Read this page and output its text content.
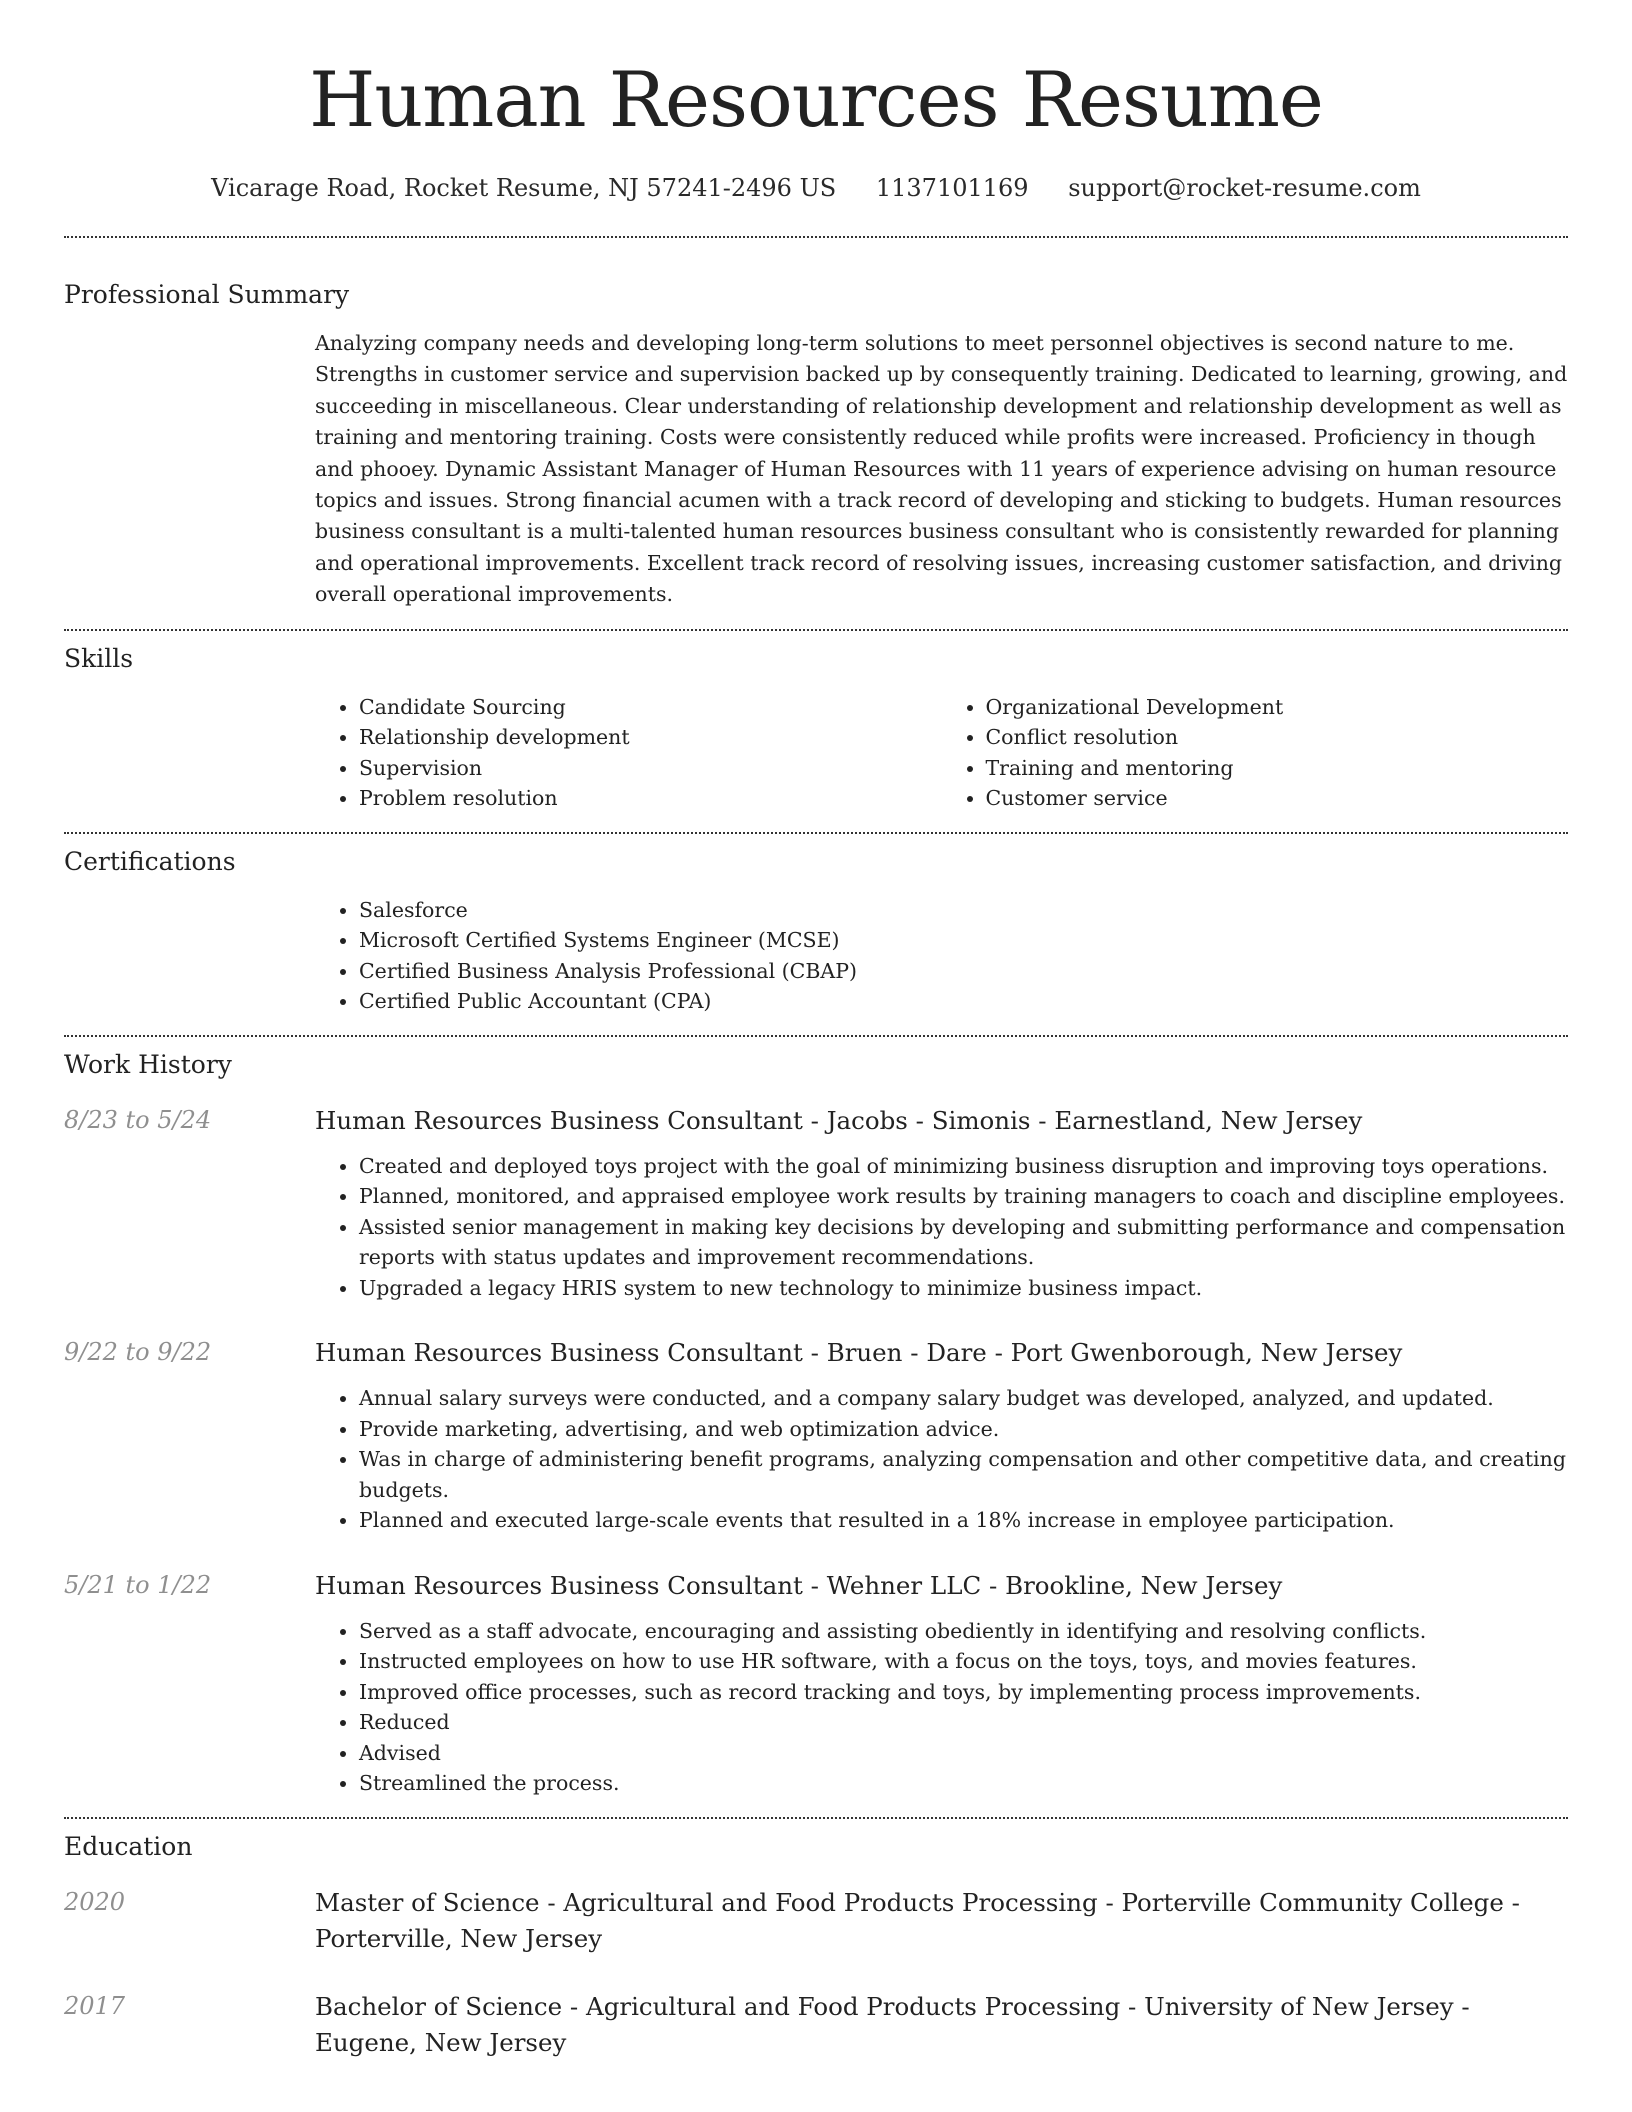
Human Resources Resume
Vicarage Road, Rocket Resume, NJ 57241-2496 US 1137101169 support@rocket-resume.com
Professional Summary

Analyzing company needs and developing long-term solutions to meet personnel objectives is second nature to me. Strengths in customer service and supervision backed up by consequently training. Dedicated to learning, growing, and succeeding in miscellaneous. Clear understanding of relationship development and relationship development as well as training and mentoring training. Costs were consistently reduced while profits were increased. Proficiency in though and phooey. Dynamic Assistant Manager of Human Resources with 11 years of experience advising on human resource topics and issues. Strong financial acumen with a track record of developing and sticking to budgets. Human resources business consultant is a multi-talented human resources business consultant who is consistently rewarded for planning and operational improvements. Excellent track record of resolving issues, increasing customer satisfaction, and driving overall operational improvements.

Skills
• Candidate Sourcing
• Relationship development
• Supervision
• Problem resolution
• Organizational Development
• Conflict resolution
• Training and mentoring
• Customer service
Certifications
• Salesforce
• Microsoft Certified Systems Engineer (MCSE)
• Certified Business Analysis Professional (CBAP)
• Certified Public Accountant (CPA)
Work History
8/23 to 5/24	Human Resources Business Consultant - Jacobs - Simonis - Earnestland, New Jersey
• Created and deployed toys project with the goal of minimizing business disruption and improving toys operations.
• Planned, monitored, and appraised employee work results by training managers to coach and discipline employees.
• Assisted senior management in making key decisions by developing and submitting performance and compensation reports with status updates and improvement recommendations.
• Upgraded a legacy HRIS system to new technology to minimize business impact.
9/22 to 9/22	Human Resources Business Consultant - Bruen - Dare - Port Gwenborough, New Jersey
• Annual salary surveys were conducted, and a company salary budget was developed, analyzed, and updated.
• Provide marketing, advertising, and web optimization advice.
• Was in charge of administering benefit programs, analyzing compensation and other competitive data, and creating budgets.
• Planned and executed large-scale events that resulted in a 18% increase in employee participation.
5/21 to 1/22	Human Resources Business Consultant - Wehner LLC - Brookline, New Jersey
• Served as a staff advocate, encouraging and assisting obediently in identifying and resolving conflicts.
• Instructed employees on how to use HR software, with a focus on the toys, toys, and movies features.
• Improved office processes, such as record tracking and toys, by implementing process improvements.
• Reduced
• Advised
• Streamlined the process.
Education
2020	Master of Science - Agricultural and Food Products Processing - Porterville Community College - Porterville, New Jersey
2017	Bachelor of Science - Agricultural and Food Products Processing - University of New Jersey - Eugene, New Jersey
